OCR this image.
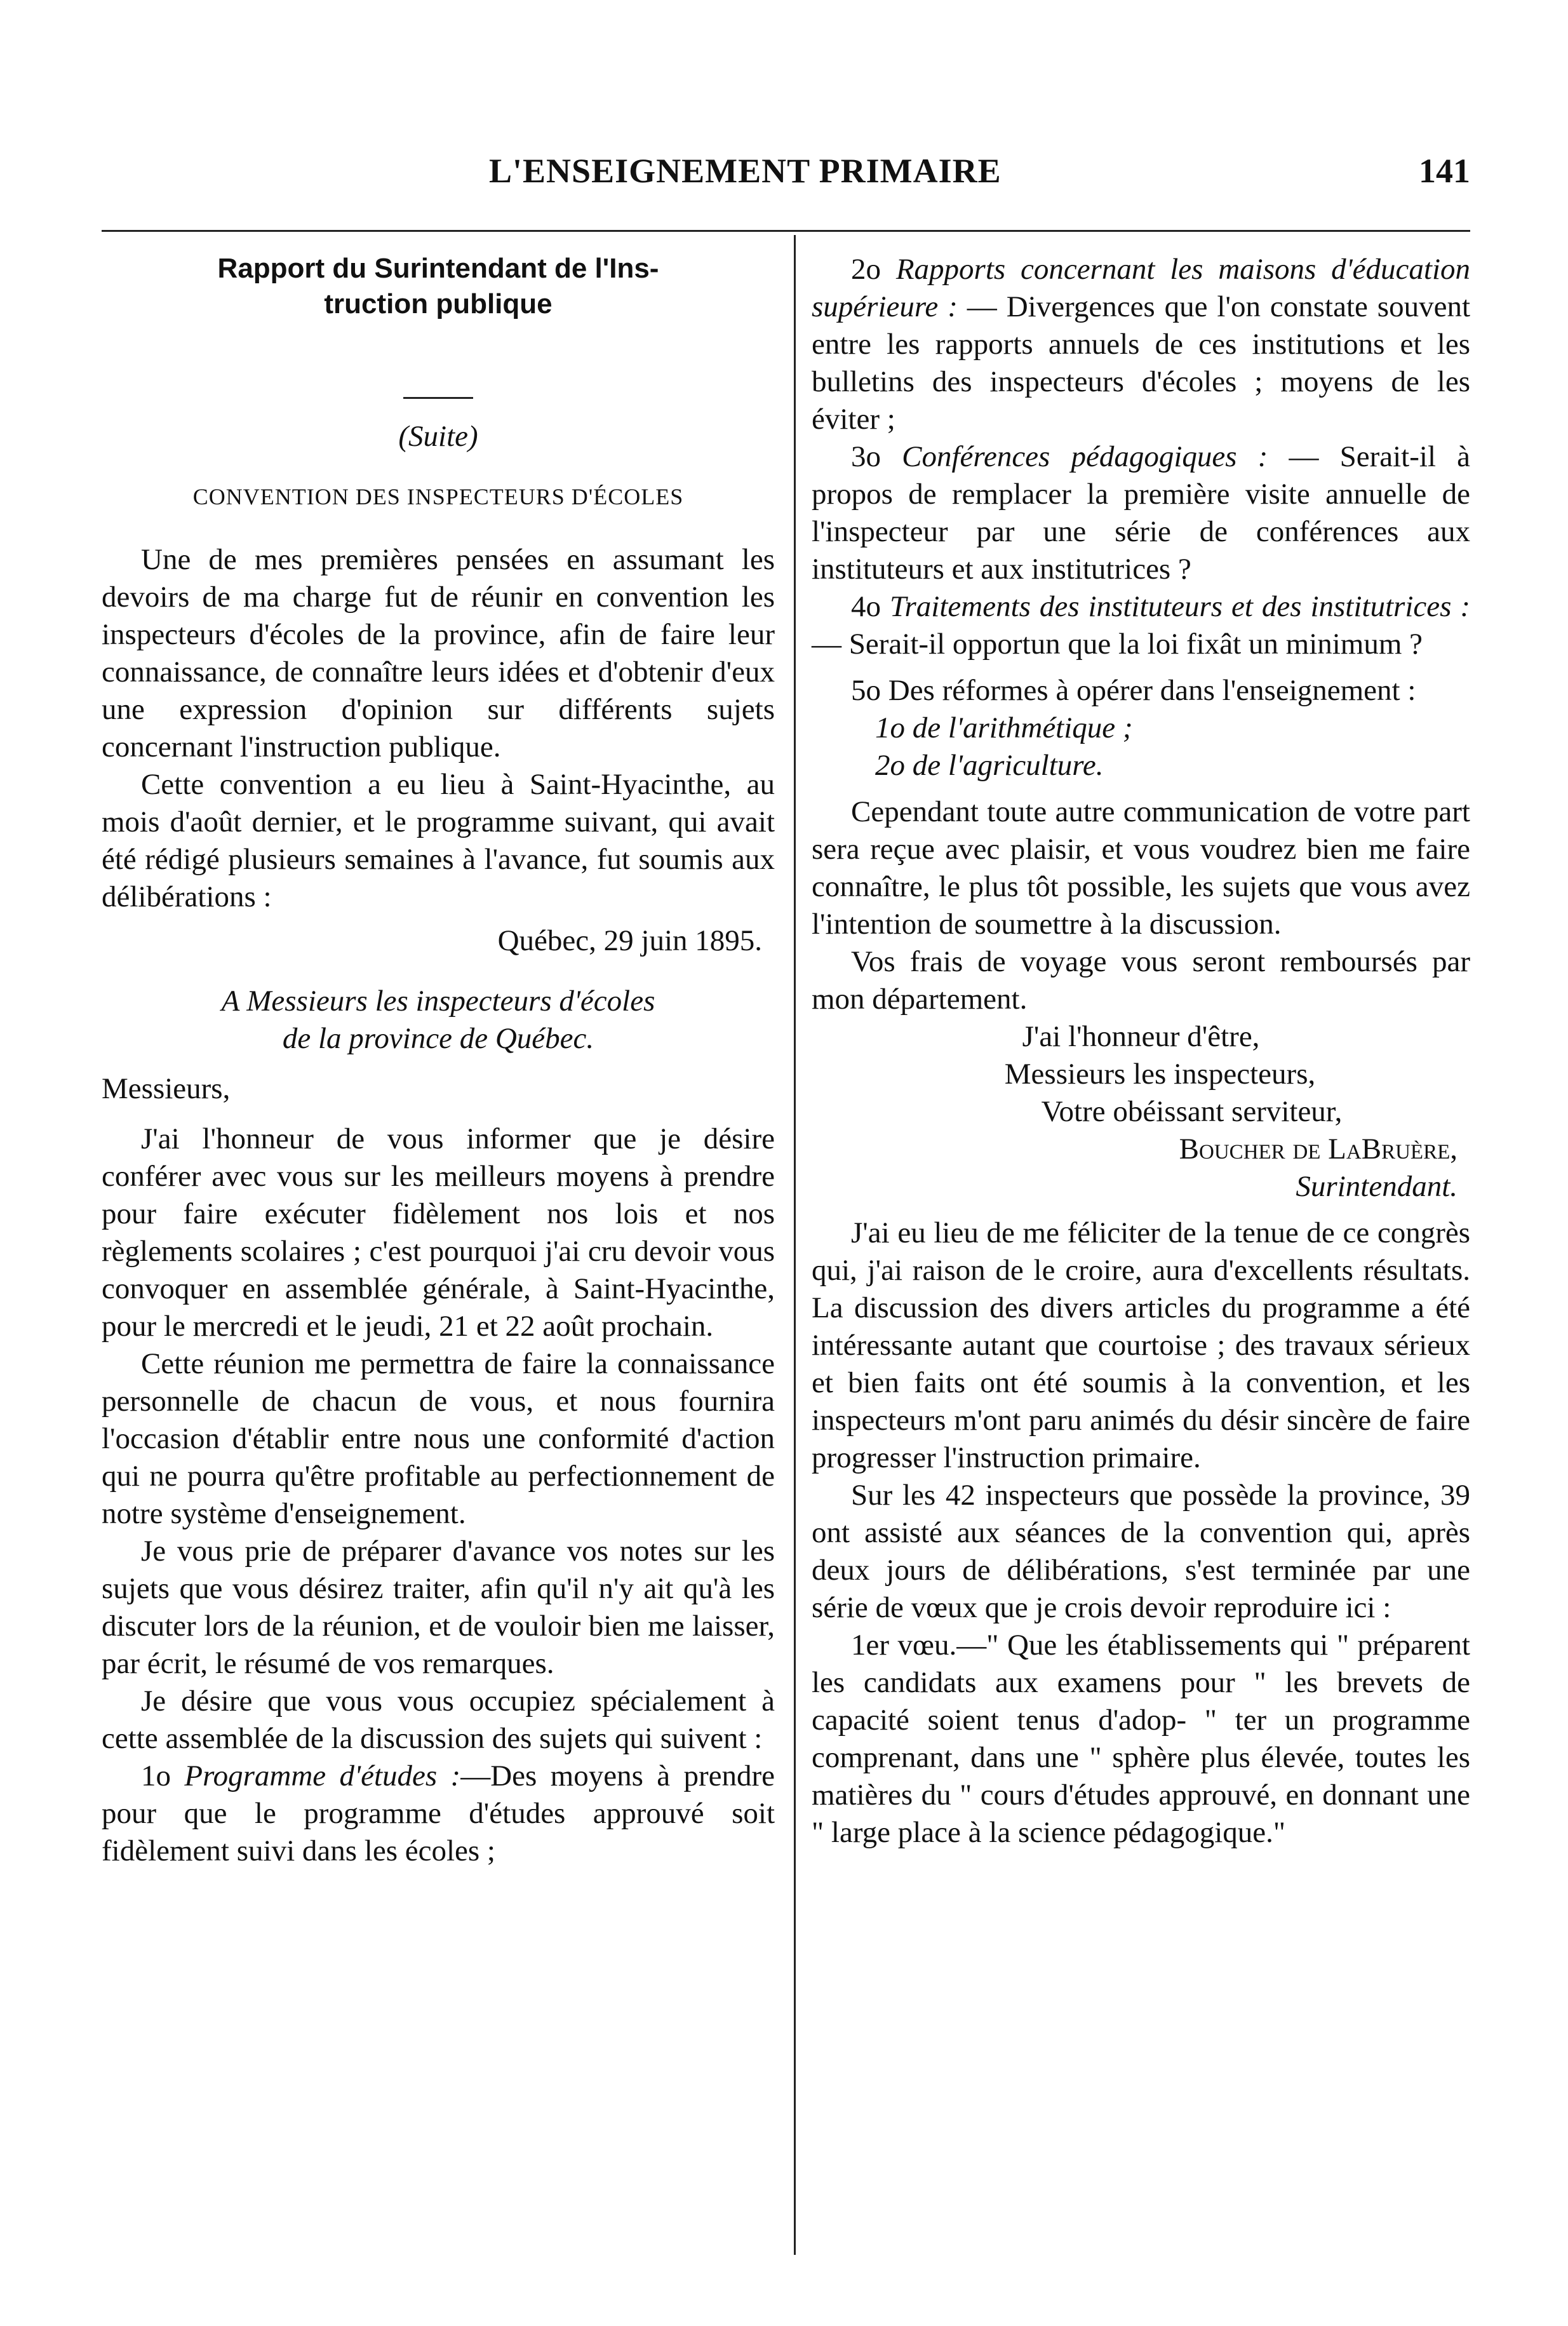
L'ENSEIGNEMENT PRIMAIRE	141

Rapport du Surintendant de l'Ins-

truction publique

(Suite)

CONVENTION DES INSPECTEURS D'ÉCOLES

Une de mes premières pensées en assumant les devoirs de ma charge fut de réunir en convention les inspecteurs d'écoles de la province, afin de faire leur connaissance, de connaître leurs idées et d'obtenir d'eux une expression d'opinion sur différents sujets concernant l'instruction publique.

Cette convention a eu lieu à Saint-Hyacinthe, au mois d'août dernier, et le programme suivant, qui avait été rédigé plusieurs semaines à l'avance, fut soumis aux délibérations :

Québec, 29 juin 1895.

A Messieurs les inspecteurs d'écoles

de la province de Québec.

Messieurs,

J'ai l'honneur de vous informer que je désire conférer avec vous sur les meilleurs moyens à prendre pour faire exécuter fidèlement nos lois et nos règlements scolaires ; c'est pourquoi j'ai cru devoir vous convoquer en assemblée générale, à Saint-Hyacinthe, pour le mercredi et le jeudi, 21 et 22 août prochain.

Cette réunion me permettra de faire la connaissance personnelle de chacun de vous, et nous fournira l'occasion d'établir entre nous une conformité d'action qui ne pourra qu'être profitable au perfectionnement de notre système d'enseignement.

Je vous prie de préparer d'avance vos notes sur les sujets que vous désirez traiter, afin qu'il n'y ait qu'à les discuter lors de la réunion, et de vouloir bien me laisser, par écrit, le résumé de vos remarques.

Je désire que vous vous occupiez spécialement à cette assemblée de la discussion des sujets qui suivent :

1o Programme d'études :—Des moyens à prendre pour que le programme d'études approuvé soit fidèlement suivi dans les écoles ;

2o Rapports concernant les maisons d'éducation supérieure : — Divergences que l'on constate souvent entre les rapports annuels de ces institutions et les bulletins des inspecteurs d'écoles ; moyens de les éviter ;

3o Conférences pédagogiques : — Serait-il à propos de remplacer la première visite annuelle de l'inspecteur par une série de conférences aux instituteurs et aux institutrices ?

4o Traitements des instituteurs et des institutrices : — Serait-il opportun que la loi fixât un minimum ?

5o Des réformes à opérer dans l'enseignement :

1o de l'arithmétique ;

2o de l'agriculture.

Cependant toute autre communication de votre part sera reçue avec plaisir, et vous voudrez bien me faire connaître, le plus tôt possible, les sujets que vous avez l'intention de soumettre à la discussion.

Vos frais de voyage vous seront remboursés par mon département.

J'ai l'honneur d'être,

Messieurs les inspecteurs,

Votre obéissant serviteur,

Boucher de LaBruère,

Surintendant.

J'ai eu lieu de me féliciter de la tenue de ce congrès qui, j'ai raison de le croire, aura d'excellents résultats. La discussion des divers articles du programme a été intéressante autant que courtoise ; des travaux sérieux et bien faits ont été soumis à la convention, et les inspecteurs m'ont paru animés du désir sincère de faire progresser l'instruction primaire.

Sur les 42 inspecteurs que possède la province, 39 ont assisté aux séances de la convention qui, après deux jours de délibérations, s'est terminée par une série de vœux que je crois devoir reproduire ici :

1er vœu.—" Que les établissements qui " préparent les candidats aux examens pour " les brevets de capacité soient tenus d'adop- " ter un programme comprenant, dans une " sphère plus élevée, toutes les matières du " cours d'études approuvé, en donnant une " large place à la science pédagogique."
